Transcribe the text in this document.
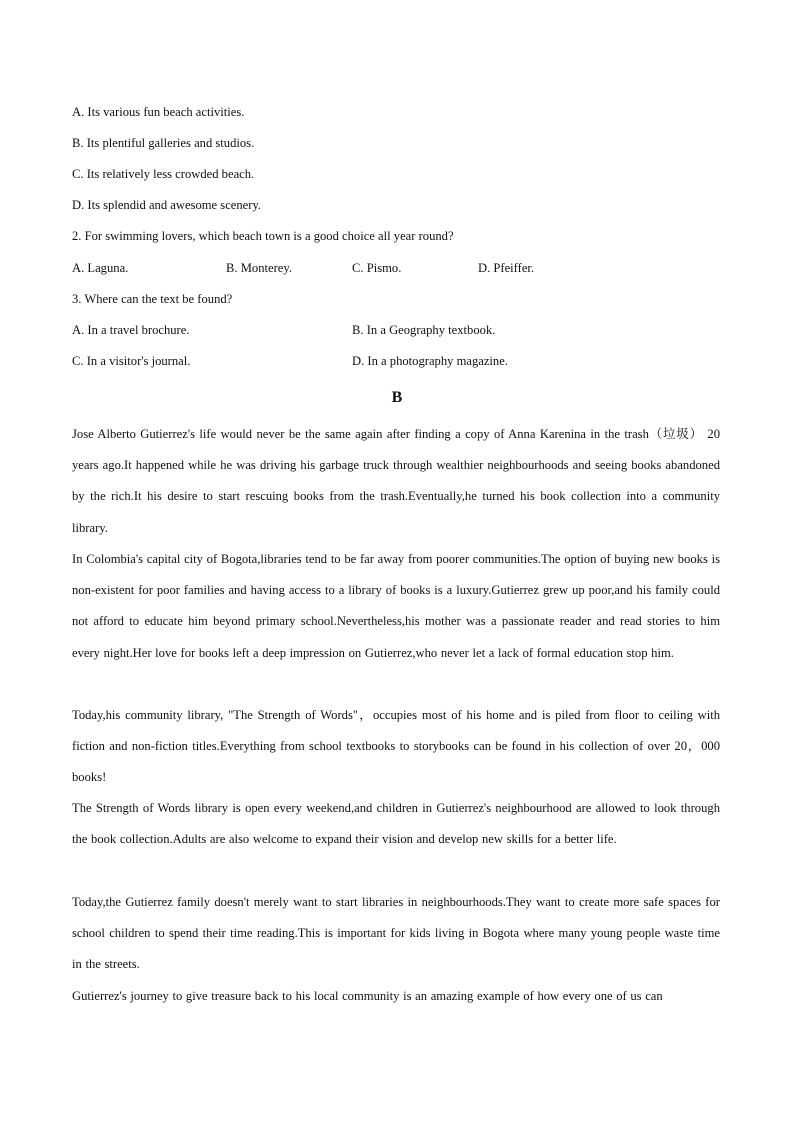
A. Its various fun beach activities.
B. Its plentiful galleries and studios.
C. Its relatively less crowded beach.
D. Its splendid and awesome scenery.
2. For swimming lovers, which beach town is a good choice all year round?
A. Laguna.	B. Monterey.	C. Pismo.	D. Pfeiffer.
3. Where can the text be found?
A. In a travel brochure.	B. In a Geography textbook.
C. In a visitor's journal.	D. In a photography magazine.
B

Jose Alberto Gutierrez's life would never be the same again after finding a copy of Anna Karenina in the trash（垃圾） 20 years ago.It happened while he was driving his garbage truck through wealthier neighbourhoods and seeing books abandoned by the rich.It his desire to start rescuing books from the trash.Eventually,he turned his book collection into a community library.

In Colombia's capital city of Bogota,libraries tend to be far away from poorer communities.The option of buying new books is non-existent for poor families and having access to a library of books is a luxury.Gutierrez grew up poor,and his family could not afford to educate him beyond primary school.Nevertheless,his mother was a passionate reader and read stories to him every night.Her love for books left a deep impression on Gutierrez,who never let a lack of formal education stop him.

Today,his community library, "The Strength of Words"，occupies most of his home and is piled from floor to ceiling with fiction and non-fiction titles.Everything from school textbooks to storybooks can be found in his collection of over 20，000 books!

The Strength of Words library is open every weekend,and children in Gutierrez's neighbourhood are allowed to look through the book collection.Adults are also welcome to expand their vision and develop new skills for a better life.

Today,the Gutierrez family doesn't merely want to start libraries in neighbourhoods.They want to create more safe spaces for school children to spend their time reading.This is important for kids living in Bogota where many young people waste time in the streets.

Gutierrez's journey to give treasure back to his local community is an amazing example of how every one of us can
